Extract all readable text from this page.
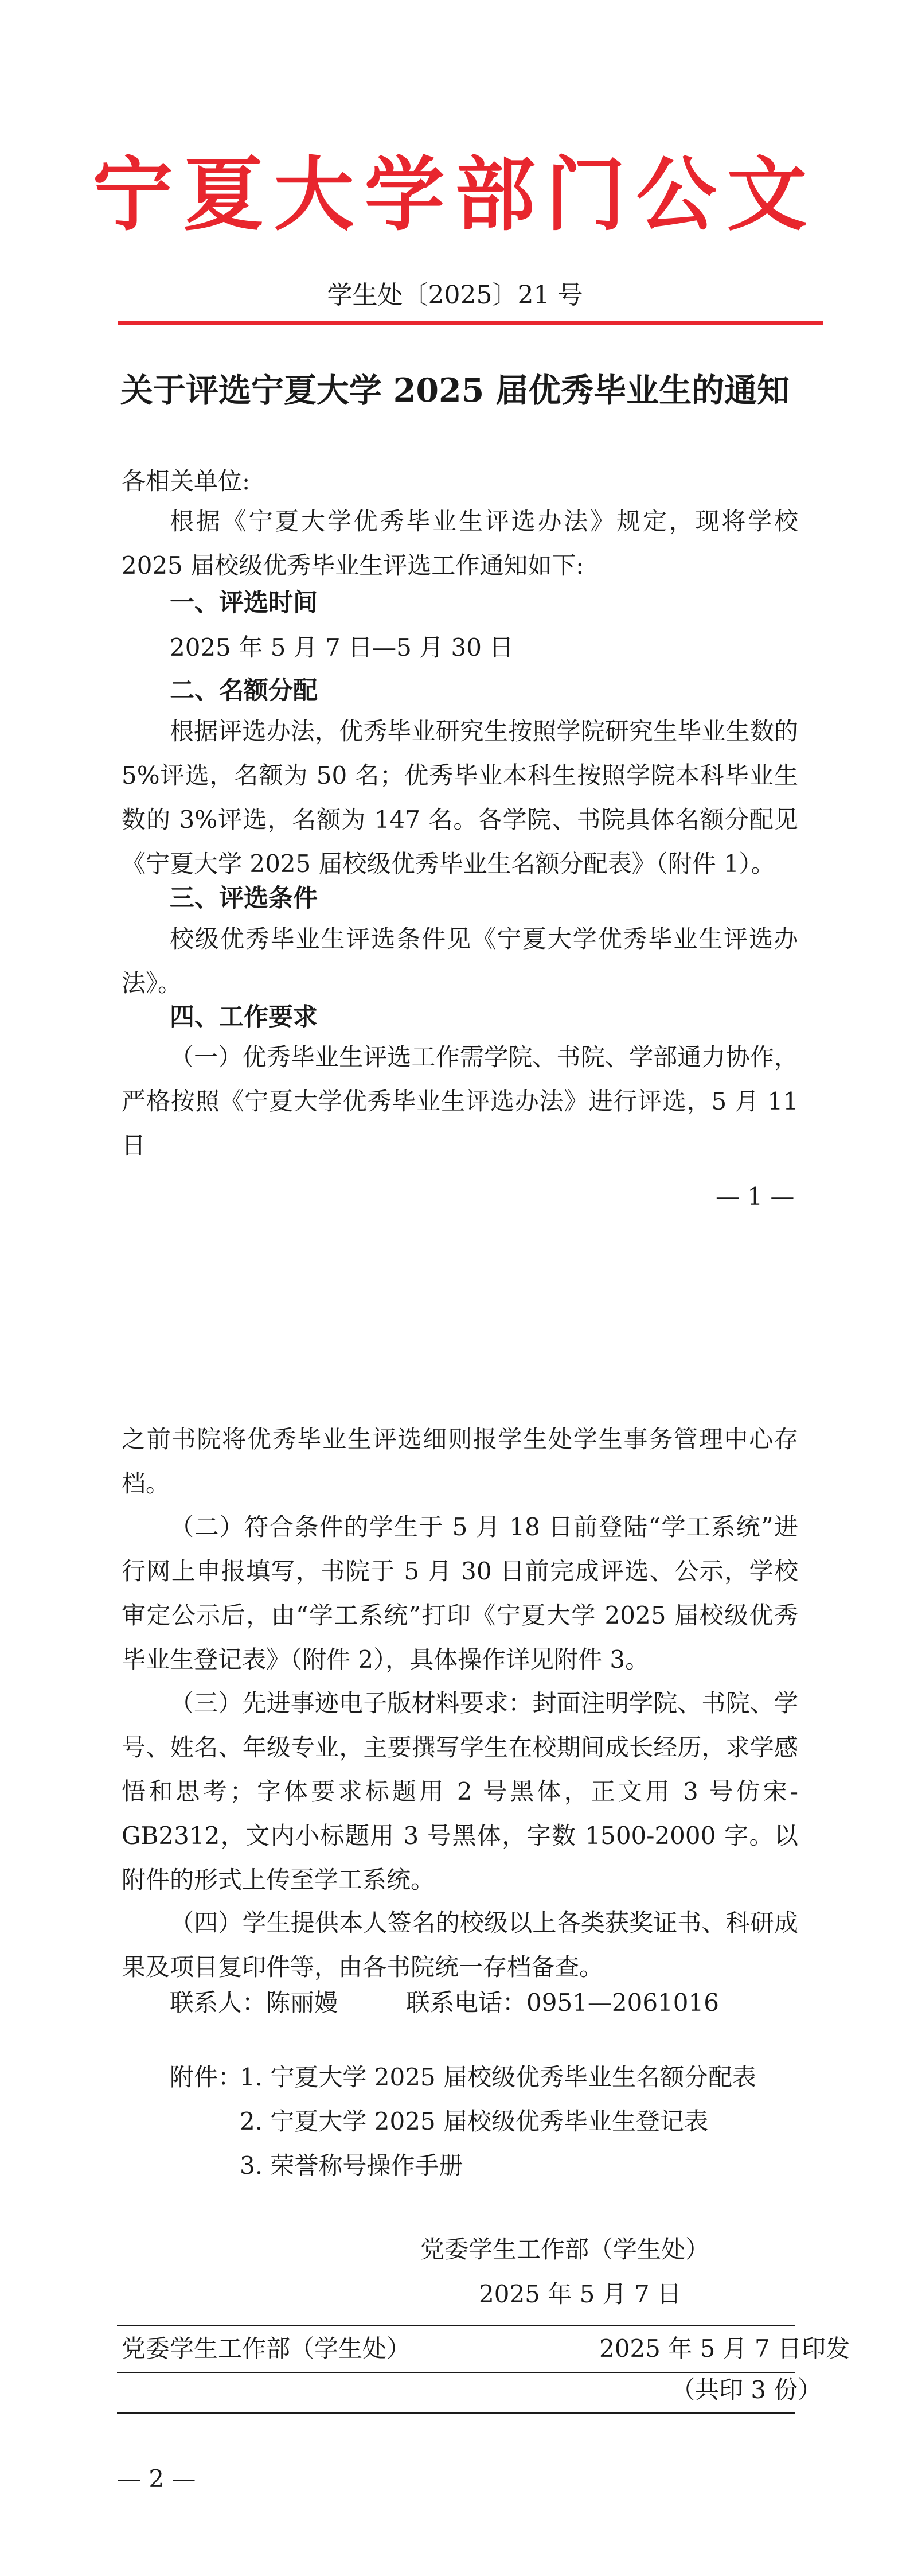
宁夏大学部门公文
学生处〔2025〕21 号
关于评选宁夏大学 2025 届优秀毕业生的通知
各相关单位:
根据《宁夏大学优秀毕业生评选办法》规定，现将学校 2025 届校级优秀毕业生评选工作通知如下:
一、评选时间
2025 年 5 月 7 日—5 月 30 日
二、名额分配
根据评选办法，优秀毕业研究生按照学院研究生毕业生数的 5%评选，名额为 50 名；优秀毕业本科生按照学院本科毕业生数的 3%评选，名额为 147 名。各学院、书院具体名额分配见《宁夏大学 2025 届校级优秀毕业生名额分配表》（附件 1）。
三、评选条件
校级优秀毕业生评选条件见《宁夏大学优秀毕业生评选办法》。
四、工作要求
（一）优秀毕业生评选工作需学院、书院、学部通力协作，严格按照《宁夏大学优秀毕业生评选办法》进行评选，5 月 11 日
— 1 —
之前书院将优秀毕业生评选细则报学生处学生事务管理中心存档。
（二）符合条件的学生于 5 月 18 日前登陆“学工系统”进行网上申报填写，书院于 5 月 30 日前完成评选、公示，学校审定公示后，由“学工系统”打印《宁夏大学 2025 届校级优秀毕业生登记表》（附件 2），具体操作详见附件 3。
（三）先进事迹电子版材料要求：封面注明学院、书院、学号、姓名、年级专业，主要撰写学生在校期间成长经历，求学感悟和思考；字体要求标题用 2 号黑体，正文用 3 号仿宋-GB2312，文内小标题用 3 号黑体，字数 1500-2000 字。以附件的形式上传至学工系统。
（四）学生提供本人签名的校级以上各类获奖证书、科研成果及项目复印件等，由各书院统一存档备查。
联系人：陈丽嫚	联系电话：0951—2061016
附件：
1. 宁夏大学 2025 届校级优秀毕业生名额分配表
2. 宁夏大学 2025 届校级优秀毕业生登记表
3. 荣誉称号操作手册
党委学生工作部（学生处）
2025 年 5 月 7 日
党委学生工作部（学生处）	2025 年 5 月 7 日印发
（共印 3 份）
— 2 —
